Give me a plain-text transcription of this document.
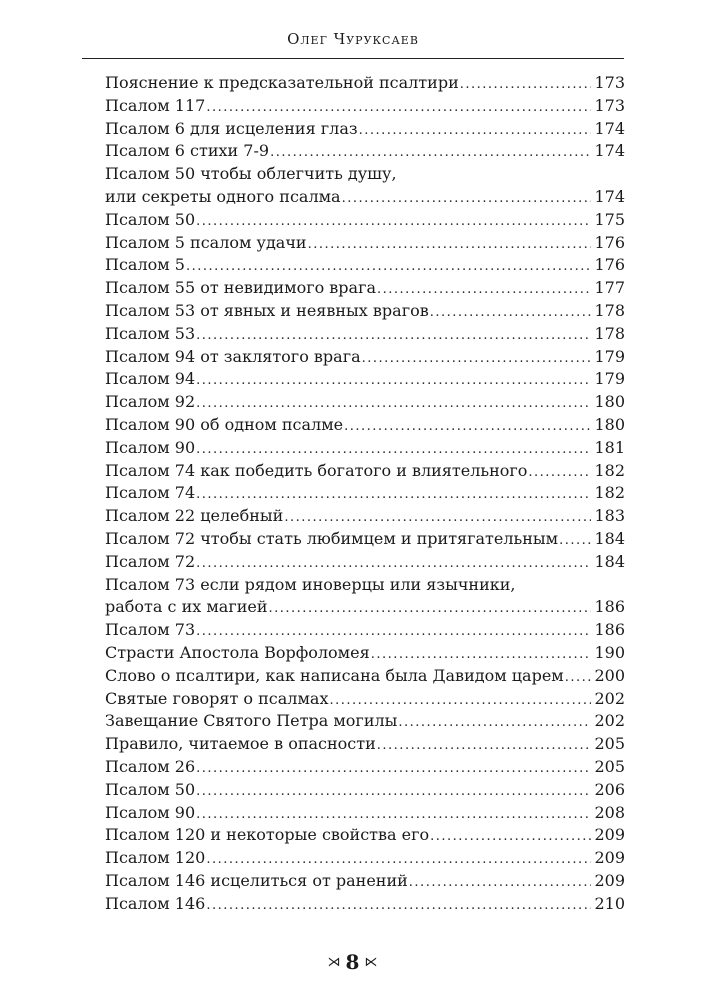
Олег Чуруксаев
Пояснение к предсказательной псалтири .....	173
Псалом 117 .....	173
Псалом 6 для исцеления глаз .....	174
Псалом 6 стихи 7-9 .....	174
Псалом 50 чтобы облегчить душу,
или секреты одного псалма .....	174
Псалом 50 .....	175
Псалом 5 псалом удачи .....	176
Псалом 5 .....	176
Псалом 55 от невидимого врага .....	177
Псалом 53 от явных и неявных врагов .....	178
Псалом 53 .....	178
Псалом 94 от заклятого врага .....	179
Псалом 94 .....	179
Псалом 92 .....	180
Псалом 90 об одном псалме .....	180
Псалом 90 .....	181
Псалом 74 как победить богатого и влиятельного .....	182
Псалом 74 .....	182
Псалом 22 целебный .....	183
Псалом 72 чтобы стать любимцем и притягательным ..... 184
Псалом 72 .....	184
Псалом 73 если рядом иноверцы или язычники,
работа с их магией .....	186
Псалом 73 .....	186
Страсти Апостола Ворфоломея .....	190
Слово о псалтири, как написана была Давидом царем ..... 200
Святые говорят о псалмах .....	202
Завещание Святого Петра могилы .....	202
Правило, читаемое в опасности .....	205
Псалом 26 .....	205
Псалом 50 .....	206
Псалом 90 .....	208
Псалом 120 и некоторые свойства его .....	209
Псалом 120 .....	209
Псалом 146 исцелиться от ранений .....	209
Псалом 146 .....	210
⋊ 8 ⋉
